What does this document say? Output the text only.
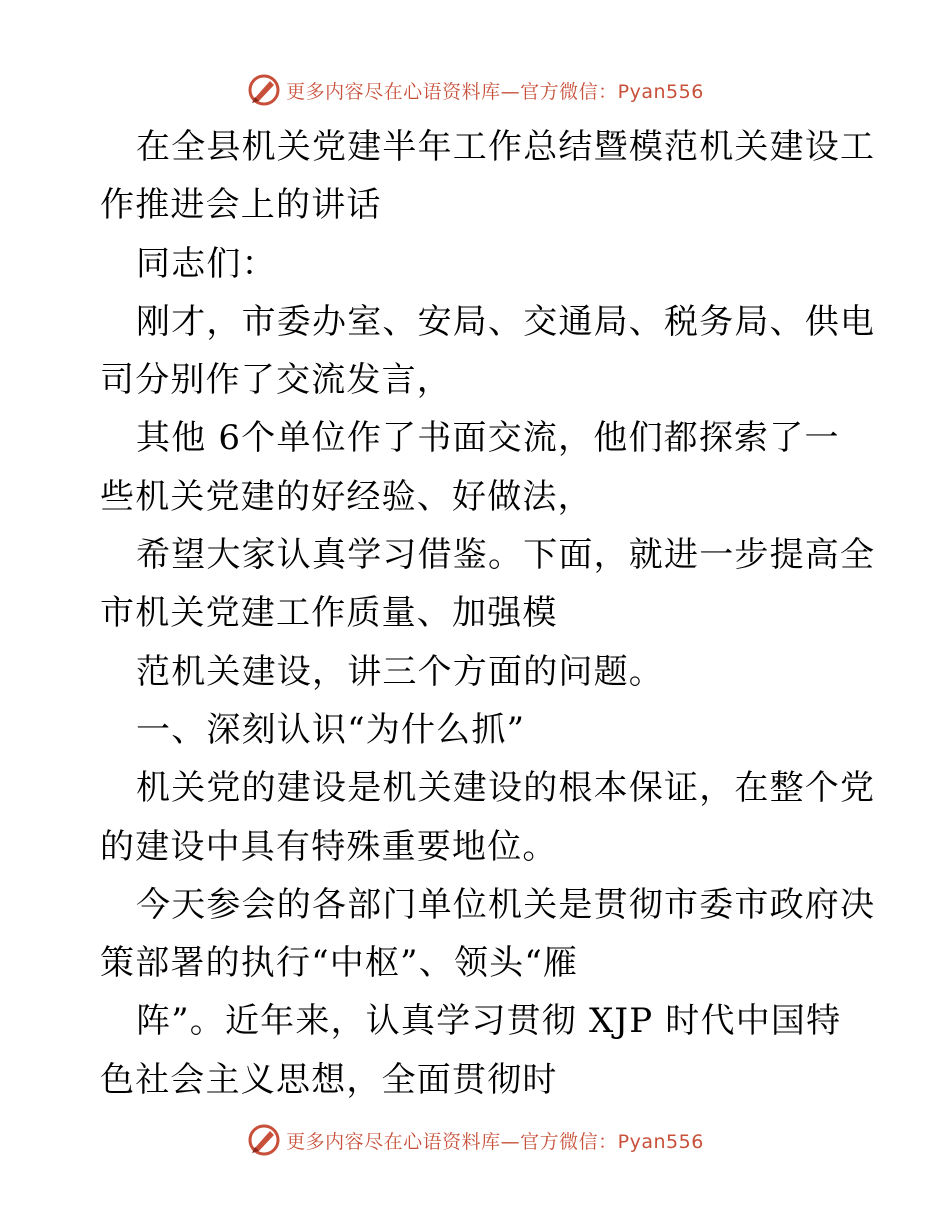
更多内容尽在心语资料库—官方微信：Pyan556
在全县机关党建半年工作总结暨模范机关建设工
作推进会上的讲话
同志们：
刚才，市委办室、安局、交通局、税务局、供电
司分别作了交流发言，
其他 6个单位作了书面交流，他们都探索了一
些机关党建的好经验、好做法，
希望大家认真学习借鉴。下面，就进一步提高全
市机关党建工作质量、加强模
范机关建设，讲三个方面的问题。
一、深刻认识“为什么抓”
机关党的建设是机关建设的根本保证，在整个党
的建设中具有特殊重要地位。
今天参会的各部门单位机关是贯彻市委市政府决
策部署的执行“中枢”、领头“雁
阵”。近年来，认真学习贯彻 XJP 时代中国特
色社会主义思想，全面贯彻时
更多内容尽在心语资料库—官方微信：Pyan556
